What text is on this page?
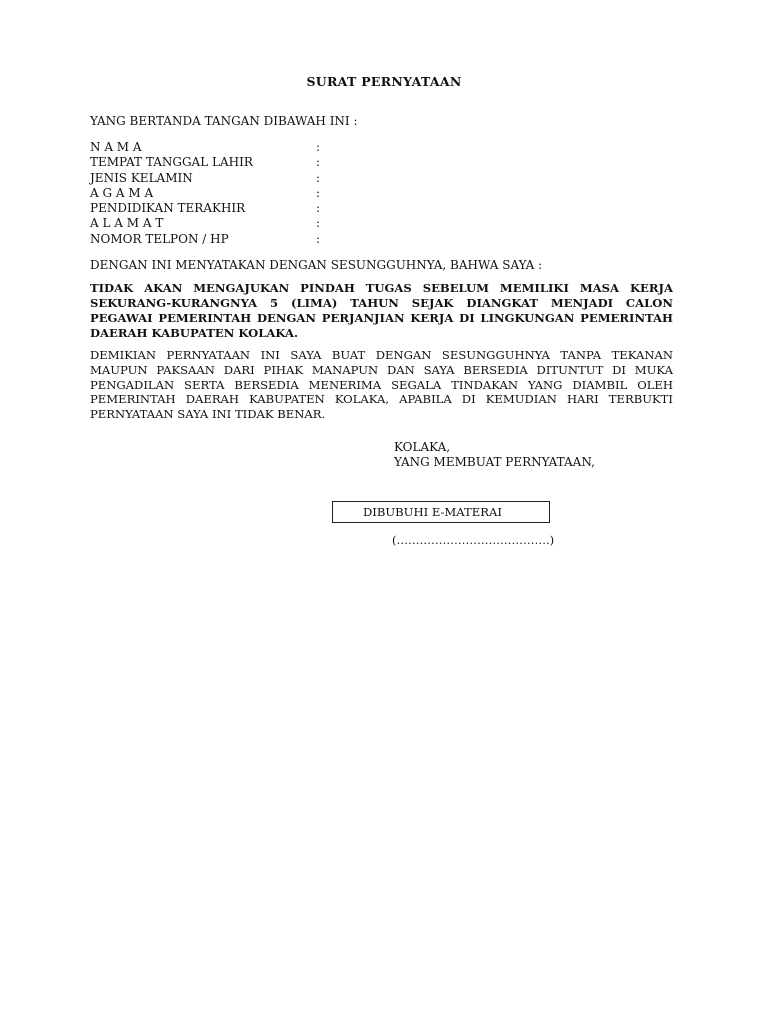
SURAT PERNYATAAN
YANG BERTANDA TANGAN DIBAWAH INI :
N A M A	:
TEMPAT TANGGAL LAHIR	:
JENIS KELAMIN	:
A G A M A	:
PENDIDIKAN TERAKHIR	:
A L A M A T	:
NOMOR TELPON / HP	:
DENGAN INI MENYATAKAN DENGAN SESUNGGUHNYA, BAHWA SAYA :
TIDAK AKAN MENGAJUKAN PINDAH TUGAS SEBELUM MEMILIKI MASA KERJA SEKURANG-KURANGNYA 5 (LIMA) TAHUN SEJAK DIANGKAT MENJADI CALON PEGAWAI PEMERINTAH DENGAN PERJANJIAN KERJA DI LINGKUNGAN PEMERINTAH DAERAH KABUPATEN KOLAKA.
DEMIKIAN PERNYATAAN INI SAYA BUAT DENGAN SESUNGGUHNYA TANPA TEKANAN MAUPUN PAKSAAN DARI PIHAK MANAPUN DAN SAYA BERSEDIA DITUNTUT DI MUKA PENGADILAN SERTA BERSEDIA MENERIMA SEGALA TINDAKAN YANG DIAMBIL OLEH PEMERINTAH DAERAH KABUPATEN KOLAKA, APABILA DI KEMUDIAN HARI TERBUKTI PERNYATAAN SAYA INI TIDAK BENAR.
KOLAKA,
YANG MEMBUAT PERNYATAAN,
DIBUBUHI E-MATERAI
(………………………………….)
